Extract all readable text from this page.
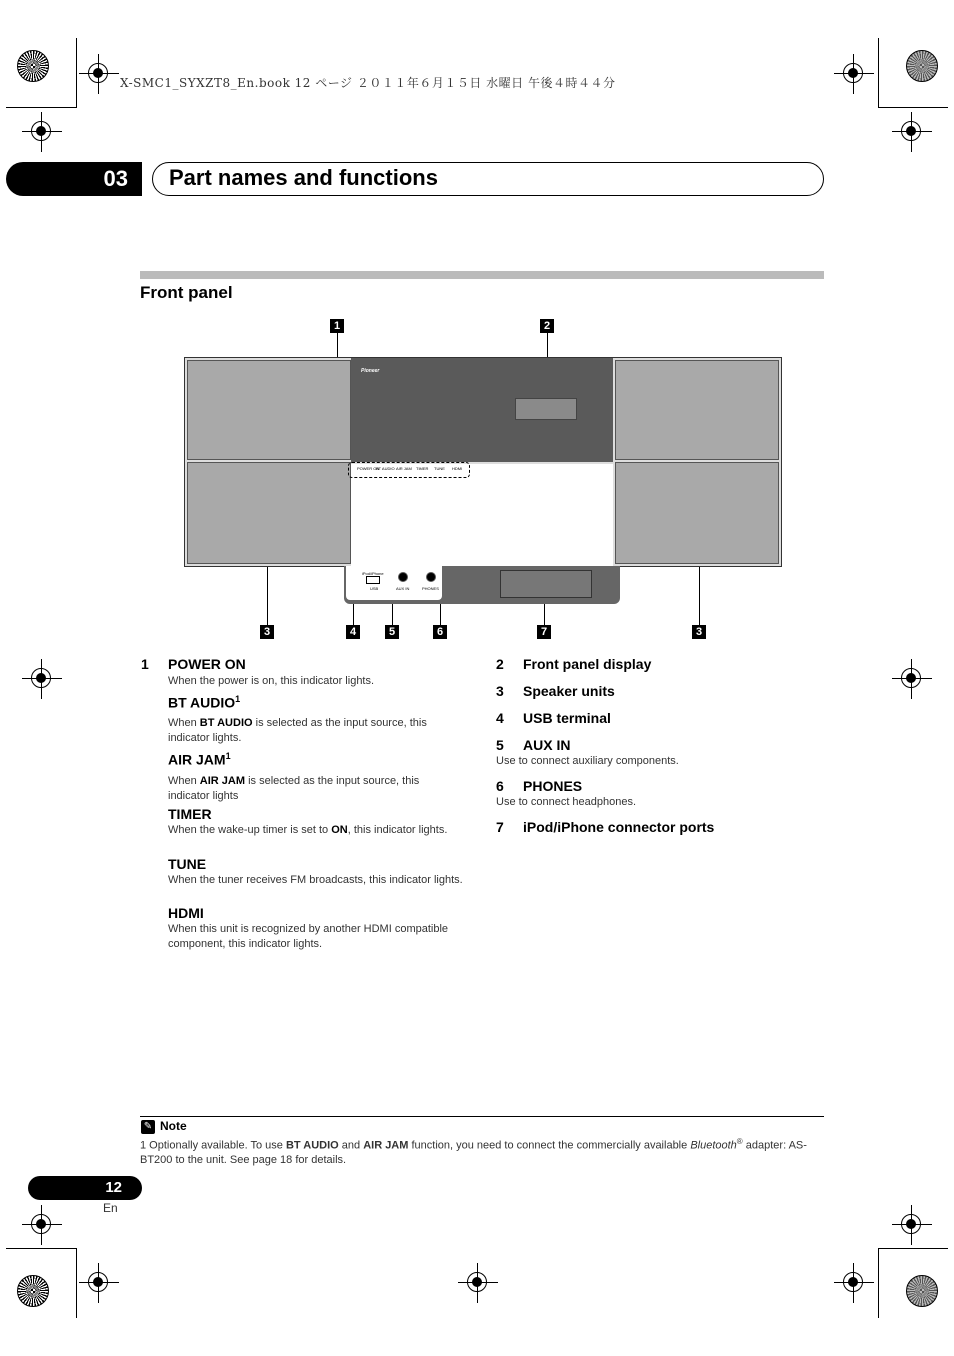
X-SMC1_SYXZT8_En.book 12 ページ ２０１１年６月１５日 水曜日 午後４時４４分
03 Part names and functions
Front panel
1	2
3	4	5	6	7	3
Pioneer
POWER ON
BT AUDIO AIR JAM TIMER TUNE HDMI
iPod/iPhone
USB	AUX IN	PHONES
1 POWER ON
When the power is on, this indicator lights.
BT AUDIO$^1$
When BT AUDIO is selected as the input source, this indicator lights.
AIR JAM$^1$
When AIR JAM is selected as the input source, this indicator lights
TIMER
When the wake-up timer is set to ON, this indicator lights.
TUNE
When the tuner receives FM broadcasts, this indicator lights.
HDMI
When this unit is recognized by another HDMI compatible component, this indicator lights.
2 Front panel display
3 Speaker units
4 USB terminal
5 AUX IN
Use to connect auxiliary components.
6 PHONES
Use to connect headphones.
7 iPod/iPhone connector ports
✎ Note
1 Optionally available. To use BT AUDIO and AIR JAM function, you need to connect the commercially available Bluetooth® adapter: AS-BT200 to the unit. See page 18 for details.
12
En
